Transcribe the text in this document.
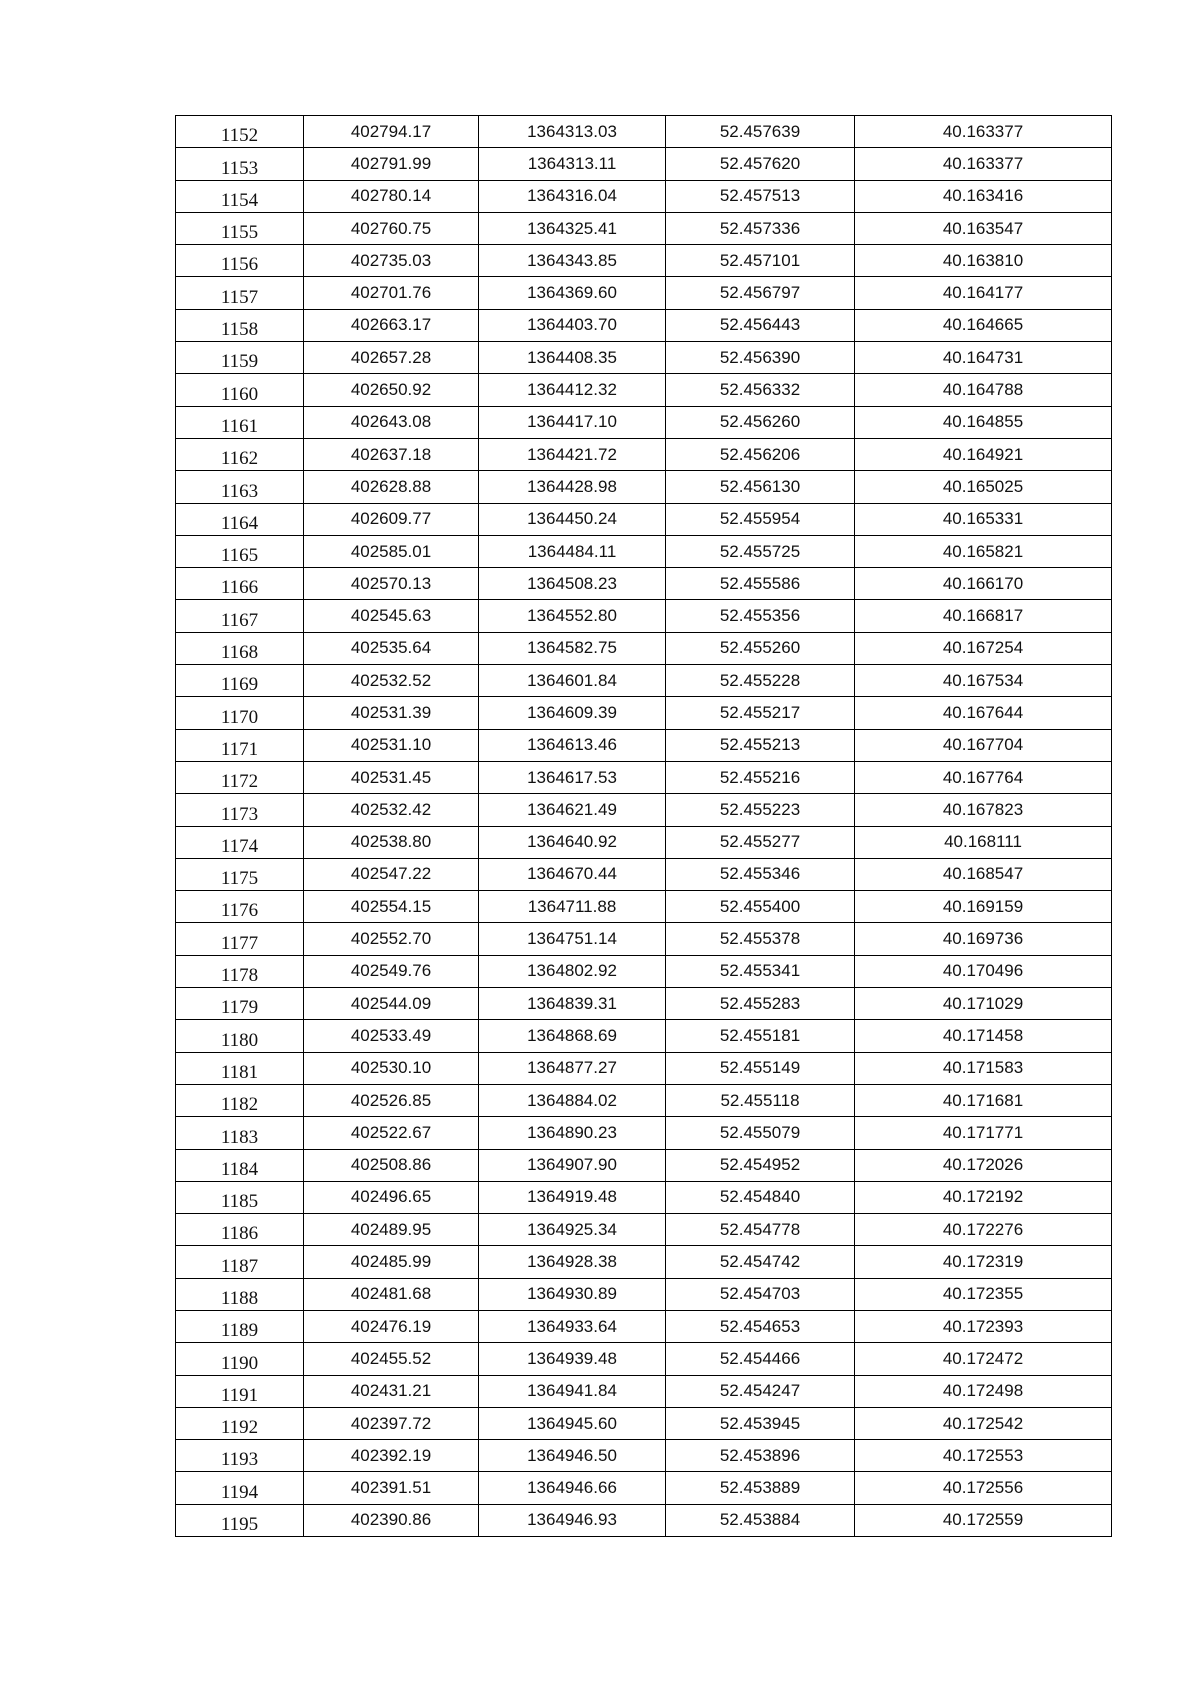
1152	402794.17	1364313.03	52.457639	40.163377
1153	402791.99	1364313.11	52.457620	40.163377
1154	402780.14	1364316.04	52.457513	40.163416
1155	402760.75	1364325.41	52.457336	40.163547
1156	402735.03	1364343.85	52.457101	40.163810
1157	402701.76	1364369.60	52.456797	40.164177
1158	402663.17	1364403.70	52.456443	40.164665
1159	402657.28	1364408.35	52.456390	40.164731
1160	402650.92	1364412.32	52.456332	40.164788
1161	402643.08	1364417.10	52.456260	40.164855
1162	402637.18	1364421.72	52.456206	40.164921
1163	402628.88	1364428.98	52.456130	40.165025
1164	402609.77	1364450.24	52.455954	40.165331
1165	402585.01	1364484.11	52.455725	40.165821
1166	402570.13	1364508.23	52.455586	40.166170
1167	402545.63	1364552.80	52.455356	40.166817
1168	402535.64	1364582.75	52.455260	40.167254
1169	402532.52	1364601.84	52.455228	40.167534
1170	402531.39	1364609.39	52.455217	40.167644
1171	402531.10	1364613.46	52.455213	40.167704
1172	402531.45	1364617.53	52.455216	40.167764
1173	402532.42	1364621.49	52.455223	40.167823
1174	402538.80	1364640.92	52.455277	40.168111
1175	402547.22	1364670.44	52.455346	40.168547
1176	402554.15	1364711.88	52.455400	40.169159
1177	402552.70	1364751.14	52.455378	40.169736
1178	402549.76	1364802.92	52.455341	40.170496
1179	402544.09	1364839.31	52.455283	40.171029
1180	402533.49	1364868.69	52.455181	40.171458
1181	402530.10	1364877.27	52.455149	40.171583
1182	402526.85	1364884.02	52.455118	40.171681
1183	402522.67	1364890.23	52.455079	40.171771
1184	402508.86	1364907.90	52.454952	40.172026
1185	402496.65	1364919.48	52.454840	40.172192
1186	402489.95	1364925.34	52.454778	40.172276
1187	402485.99	1364928.38	52.454742	40.172319
1188	402481.68	1364930.89	52.454703	40.172355
1189	402476.19	1364933.64	52.454653	40.172393
1190	402455.52	1364939.48	52.454466	40.172472
1191	402431.21	1364941.84	52.454247	40.172498
1192	402397.72	1364945.60	52.453945	40.172542
1193	402392.19	1364946.50	52.453896	40.172553
1194	402391.51	1364946.66	52.453889	40.172556
1195	402390.86	1364946.93	52.453884	40.172559
